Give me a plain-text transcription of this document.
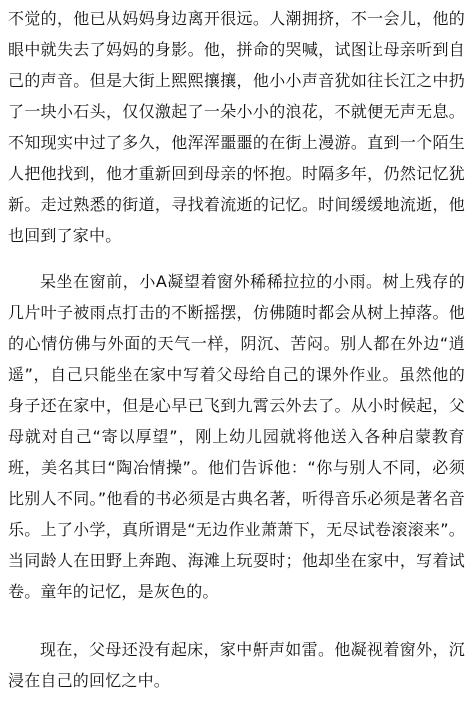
不觉的，他已从妈妈身边离开很远。人潮拥挤，不一会儿，他的眼中就失去了妈妈的身影。他，拼命的哭喊，试图让母亲听到自己的声音。但是大街上熙熙攘攘，他小小声音犹如往长江之中扔了一块小石头，仅仅激起了一朵小小的浪花，不就便无声无息。不知现实中过了多久，他浑浑噩噩的在街上漫游。直到一个陌生人把他找到，他才重新回到母亲的怀抱。时隔多年，仍然记忆犹新。走过熟悉的街道，寻找着流逝的记忆。时间缓缓地流逝，他也回到了家中。

呆坐在窗前，小A凝望着窗外稀稀拉拉的小雨。树上残存的几片叶子被雨点打击的不断摇摆，仿佛随时都会从树上掉落。他的心情仿佛与外面的天气一样，阴沉、苦闷。别人都在外边“逍遥”，自己只能坐在家中写着父母给自己的课外作业。虽然他的身子还在家中，但是心早已飞到九霄云外去了。从小时候起，父母就对自己“寄以厚望”，刚上幼儿园就将他送入各种启蒙教育班，美名其曰“陶冶情操”。他们告诉他：“你与别人不同，必须比别人不同。”他看的书必须是古典名著，听得音乐必须是著名音乐。上了小学，真所谓是“无边作业萧萧下，无尽试卷滚滚来”。当同龄人在田野上奔跑、海滩上玩耍时；他却坐在家中，写着试卷。童年的记忆，是灰色的。

现在，父母还没有起床，家中鼾声如雷。他凝视着窗外，沉浸在自己的回忆之中。
